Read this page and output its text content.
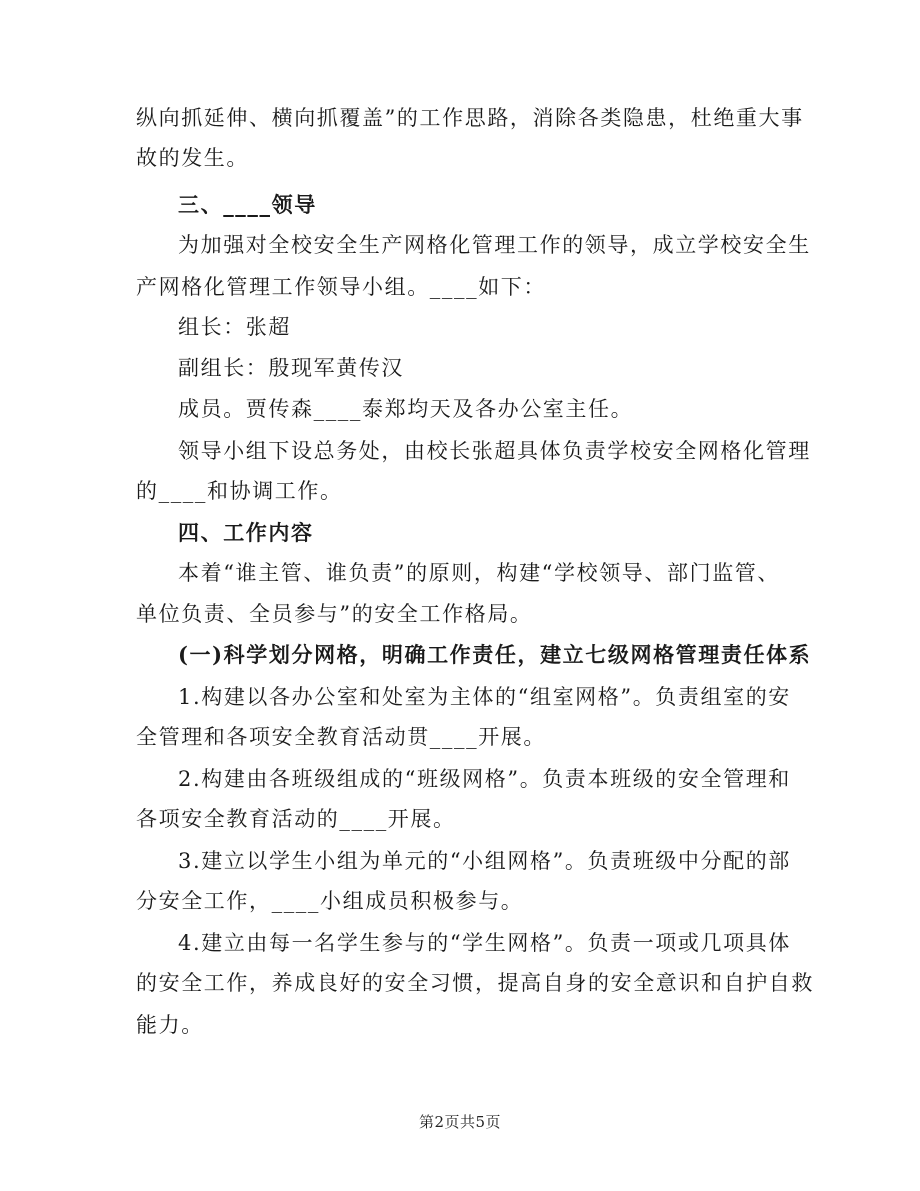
纵向抓延伸、横向抓覆盖”的工作思路，消除各类隐患，杜绝重大事
故的发生。
三、____领导
为加强对全校安全生产网格化管理工作的领导，成立学校安全生
产网格化管理工作领导小组。____如下：
组长：张超
副组长：殷现军黄传汉
成员。贾传森____泰郑均天及各办公室主任。
领导小组下设总务处，由校长张超具体负责学校安全网格化管理
的____和协调工作。
四、工作内容
本着“谁主管、谁负责”的原则，构建“学校领导、部门监管、
单位负责、全员参与”的安全工作格局。
(一)科学划分网格，明确工作责任，建立七级网格管理责任体系
1.构建以各办公室和处室为主体的“组室网格”。负责组室的安
全管理和各项安全教育活动贯____开展。
2.构建由各班级组成的“班级网格”。负责本班级的安全管理和
各项安全教育活动的____开展。
3.建立以学生小组为单元的“小组网格”。负责班级中分配的部
分安全工作，____小组成员积极参与。
4.建立由每一名学生参与的“学生网格”。负责一项或几项具体
的安全工作，养成良好的安全习惯，提高自身的安全意识和自护自救
能力。
第2页共5页
